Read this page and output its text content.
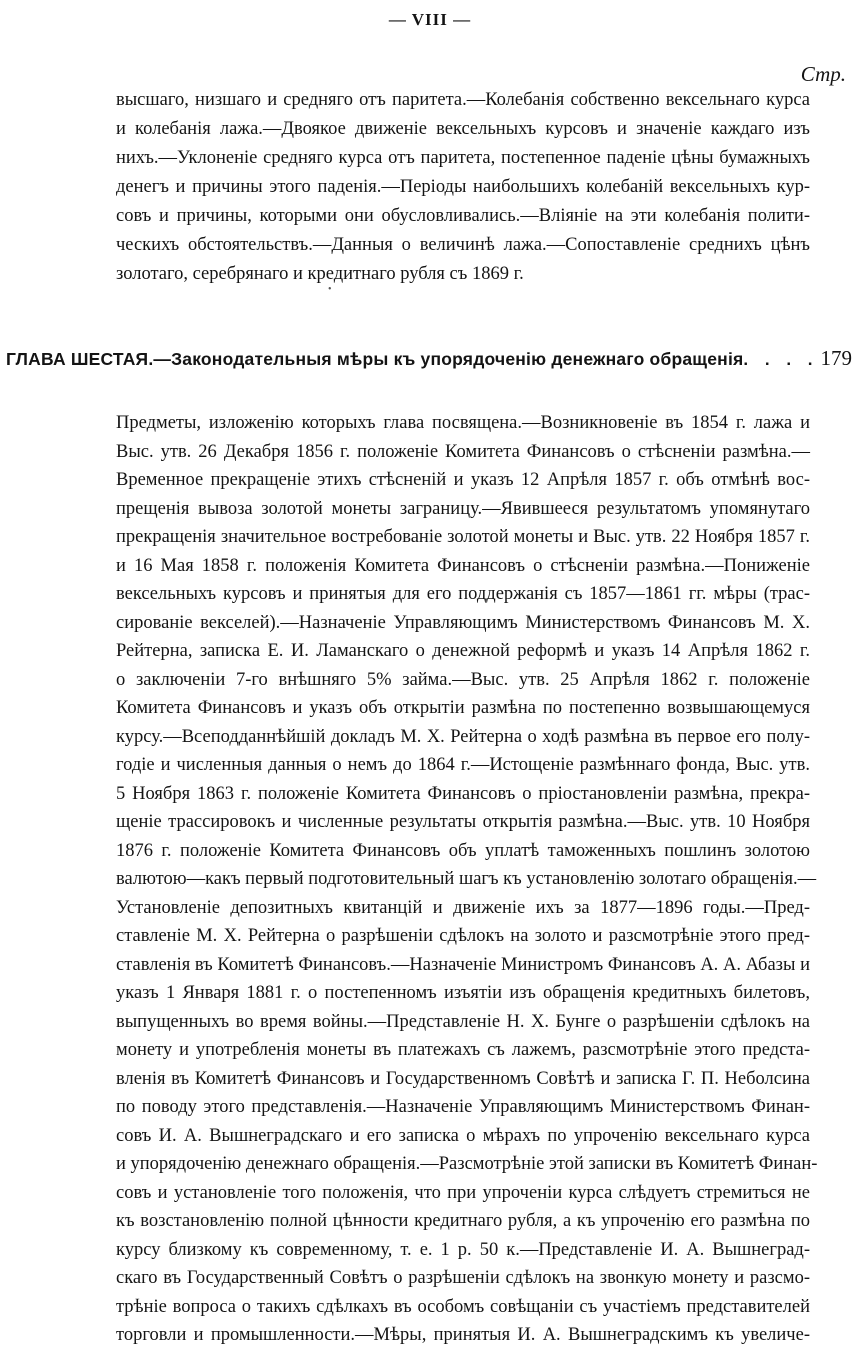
— VIII —
Стр.
высшаго, низшаго и средняго отъ паритета.—Колебанія собственно вексельнаго курса
и колебанія лажа.—Двоякое движеніе вексельныхъ курсовъ и значеніе каждаго изъ
нихъ.—Уклоненіе средняго курса отъ паритета, постепенное паденіе цѣны бумажныхъ
денегъ и причины этого паденія.—Періоды наибольшихъ колебаній вексельныхъ кур-
совъ и причины, которыми они обусловливались.—Вліяніе на эти колебанія полити-
ческихъ обстоятельствъ.—Данныя о величинѣ лажа.—Сопоставленіе среднихъ цѣнъ
золотаго, серебрянаго и кредитнаго рубля съ 1869 г.
•
ГЛАВА ШЕСТАЯ.—Законодательныя мѣры къ упорядоченію денежнаго обращенія . . . . 179
Предметы, изложенію которыхъ глава посвящена.—Возникновеніе въ 1854 г. лажа и
Выс. утв. 26 Декабря 1856 г. положеніе Комитета Финансовъ о стѣсненіи размѣна.—
Временное прекращеніе этихъ стѣсненій и указъ 12 Апрѣля 1857 г. объ отмѣнѣ вос-
прещенія вывоза золотой монеты заграницу.—Явившееся результатомъ упомянутаго
прекращенія значительное востребованіе золотой монеты и Выс. утв. 22 Ноября 1857 г.
и 16 Мая 1858 г. положенія Комитета Финансовъ о стѣсненіи размѣна.—Пониженіе
вексельныхъ курсовъ и принятыя для его поддержанія съ 1857—1861 гг. мѣры (трас-
сированіе векселей).—Назначеніе Управляющимъ Министерствомъ Финансовъ М. Х.
Рейтерна, записка Е. И. Ламанскаго о денежной реформѣ и указъ 14 Апрѣля 1862 г.
о заключеніи 7-го внѣшняго 5% займа.—Выс. утв. 25 Апрѣля 1862 г. положеніе
Комитета Финансовъ и указъ объ открытіи размѣна по постепенно возвышающемуся
курсу.—Всеподданнѣйшій докладъ М. Х. Рейтерна о ходѣ размѣна въ первое его полу-
годіе и численныя данныя о немъ до 1864 г.—Истощеніе размѣннаго фонда, Выс. утв.
5 Ноября 1863 г. положеніе Комитета Финансовъ о пріостановленіи размѣна, прекра-
щеніе трассировокъ и численные результаты открытія размѣна.—Выс. утв. 10 Ноября
1876 г. положеніе Комитета Финансовъ объ уплатѣ таможенныхъ пошлинъ золотою
валютою—какъ первый подготовительный шагъ къ установленію золотаго обращенія.—
Установленіе депозитныхъ квитанцій и движеніе ихъ за 1877—1896 годы.—Пред-
ставленіе М. Х. Рейтерна о разрѣшеніи сдѣлокъ на золото и разсмотрѣніе этого пред-
ставленія въ Комитетѣ Финансовъ.—Назначеніе Министромъ Финансовъ А. А. Абазы и
указъ 1 Января 1881 г. о постепенномъ изъятіи изъ обращенія кредитныхъ билетовъ,
выпущенныхъ во время войны.—Представленіе Н. Х. Бунге о разрѣшеніи сдѣлокъ на
монету и употребленія монеты въ платежахъ съ лажемъ, разсмотрѣніе этого предста-
вленія въ Комитетѣ Финансовъ и Государственномъ Совѣтѣ и записка Г. П. Неболсина
по поводу этого представленія.—Назначеніе Управляющимъ Министерствомъ Финан-
совъ И. А. Вышнеградскаго и его записка о мѣрахъ по упроченію вексельнаго курса
и упорядоченію денежнаго обращенія.—Разсмотрѣніе этой записки въ Комитетѣ Финан-
совъ и установленіе того положенія, что при упроченіи курса слѣдуетъ стремиться не
къ возстановленію полной цѣнности кредитнаго рубля, а къ упроченію его размѣна по
курсу близкому къ современному, т. е. 1 р. 50 к.—Представленіе И. А. Вышнеград-
скаго въ Государственный Совѣтъ о разрѣшеніи сдѣлокъ на звонкую монету и разсмо-
трѣніе вопроса о такихъ сдѣлкахъ въ особомъ совѣщаніи съ участіемъ представителей
торговли и промышленности.—Мѣры, принятыя И. А. Вышнеградскимъ къ увеличе-
